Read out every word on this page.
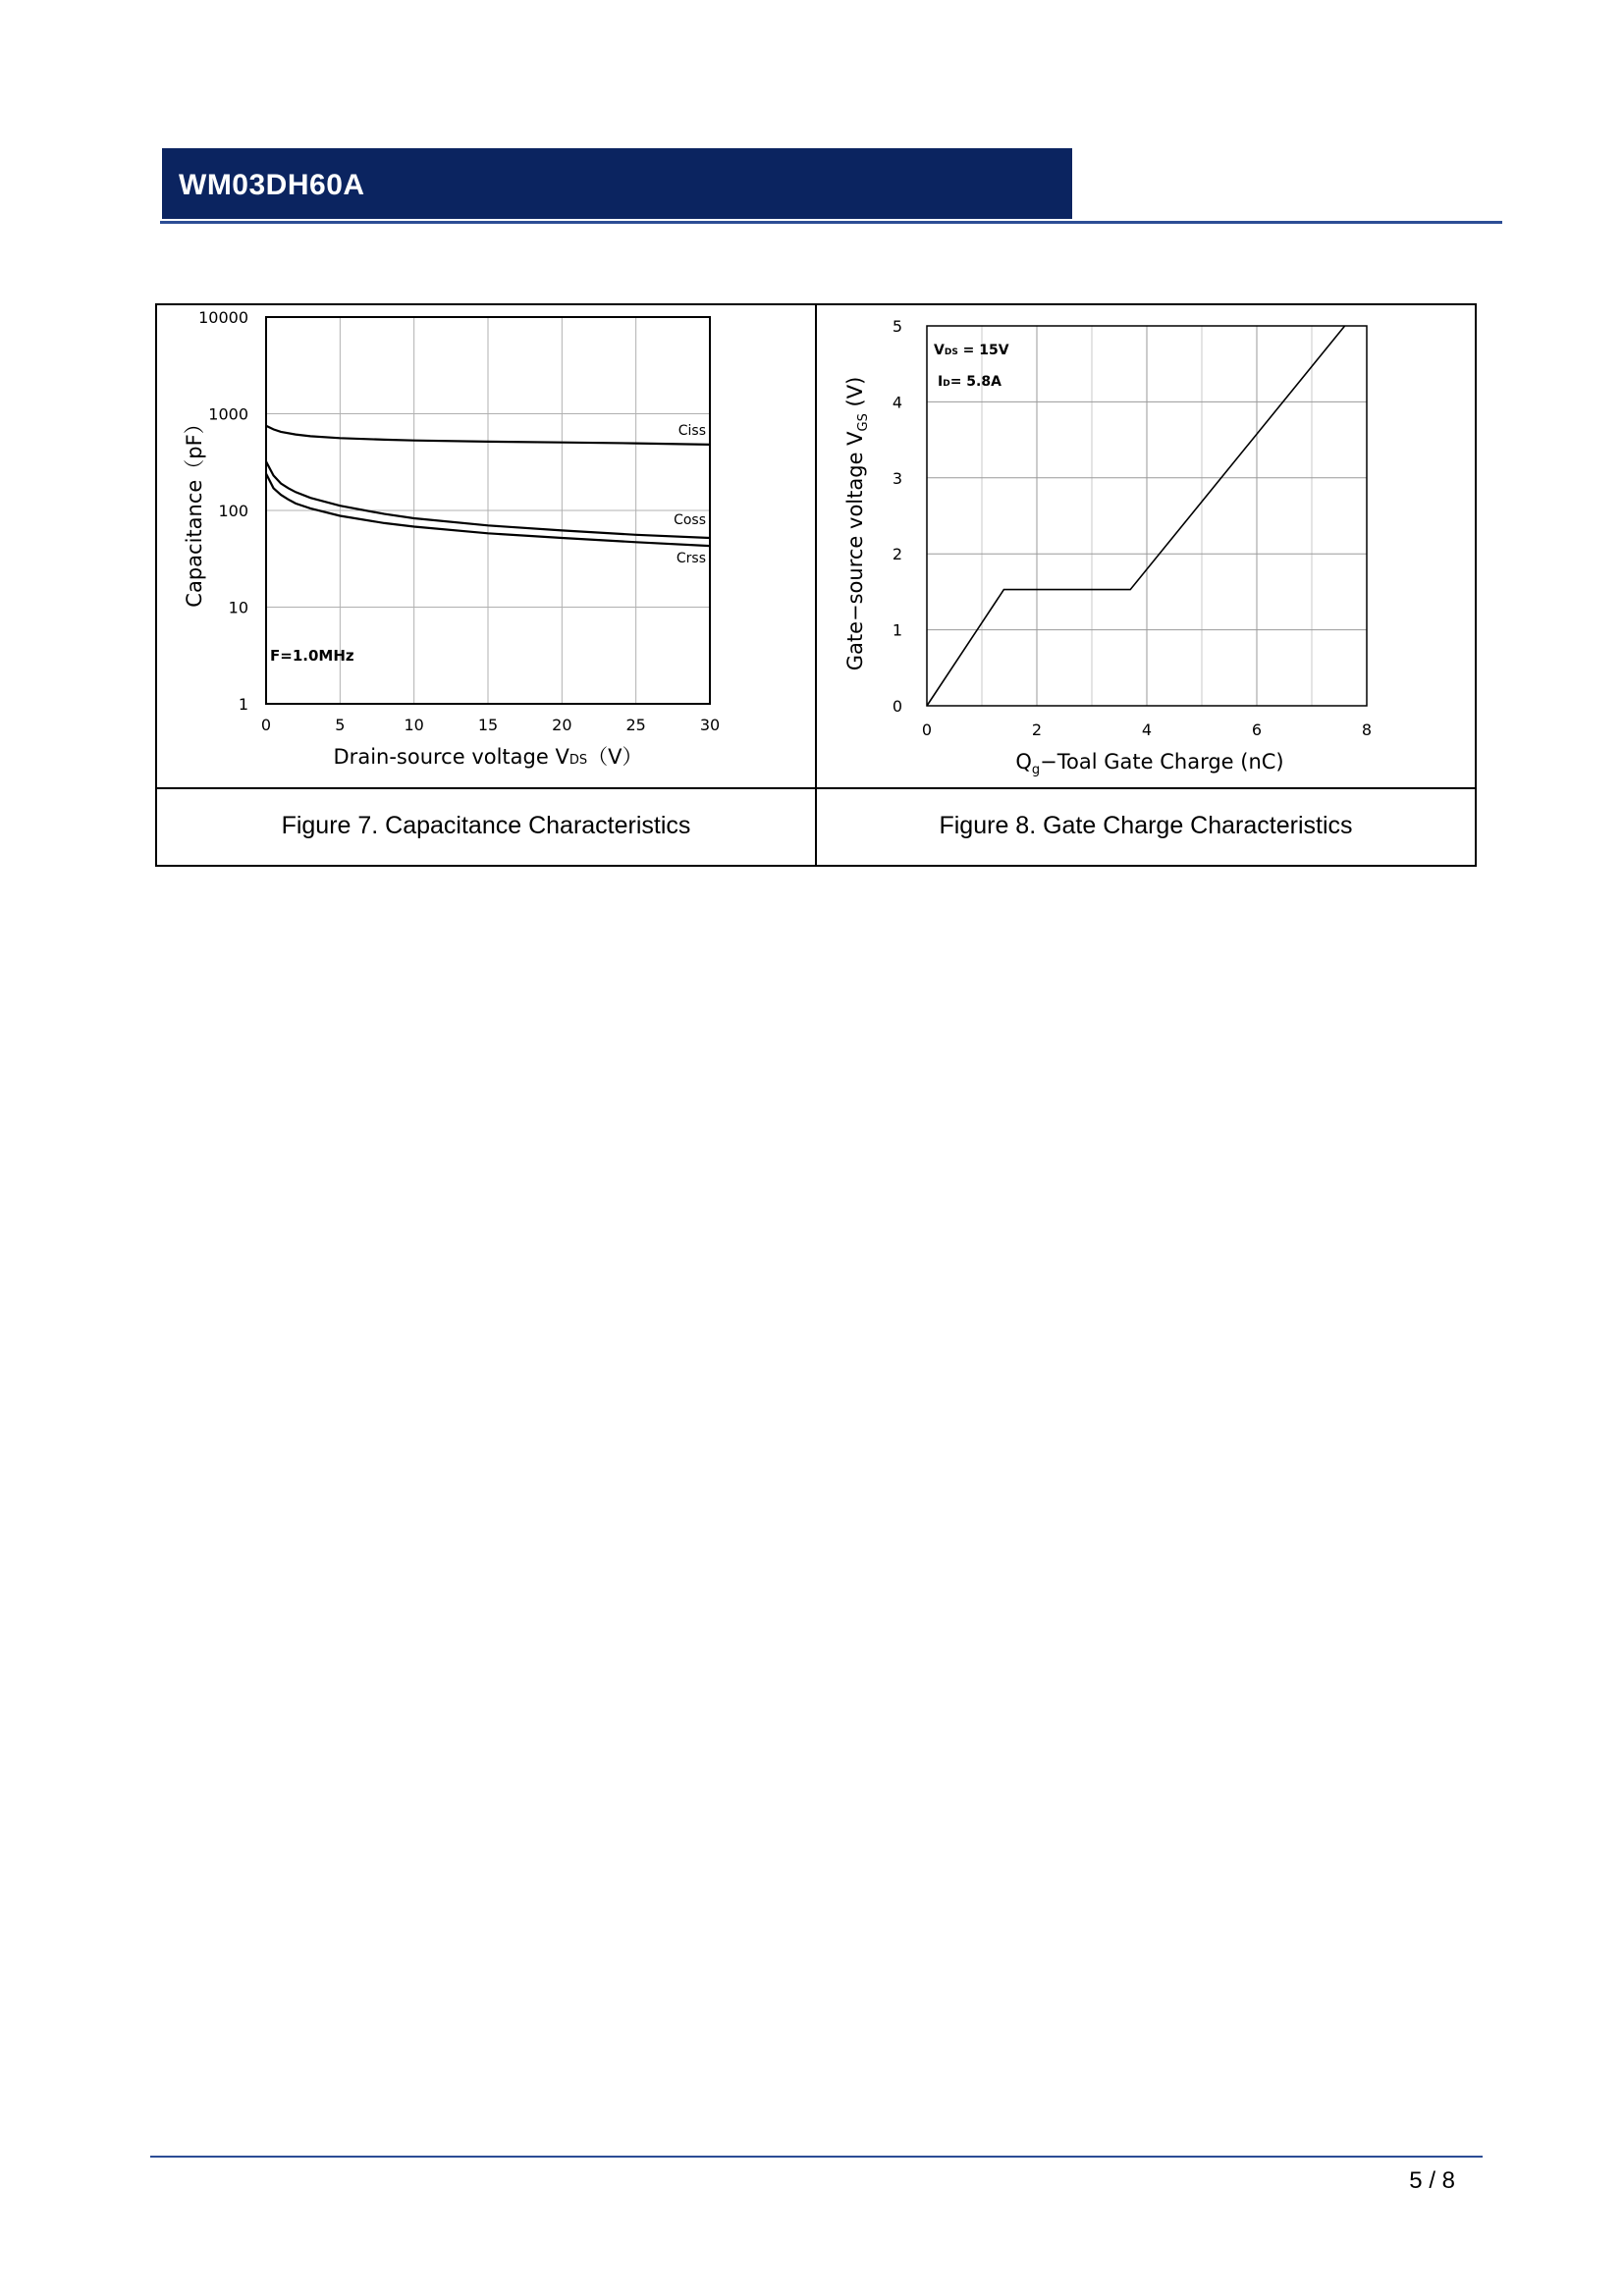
WM03DH60A
0	5	10	15	20	25	30
1
10
100
1000
10000
Ciss
Coss
Crss
F=1.0MHz
Drain-source voltage VDS（V）
Capacitance（pF）
0
1
2
3
4
5
0	2	4	6	8
VDS = 15V
ID= 5.8A
$Q_g-Toal$ Gate Charge (nC)
Gate−source voltage $V_{GS}$ (V)
Figure 7. Capacitance Characteristics	Figure 8. Gate Charge Characteristics
5 / 8
